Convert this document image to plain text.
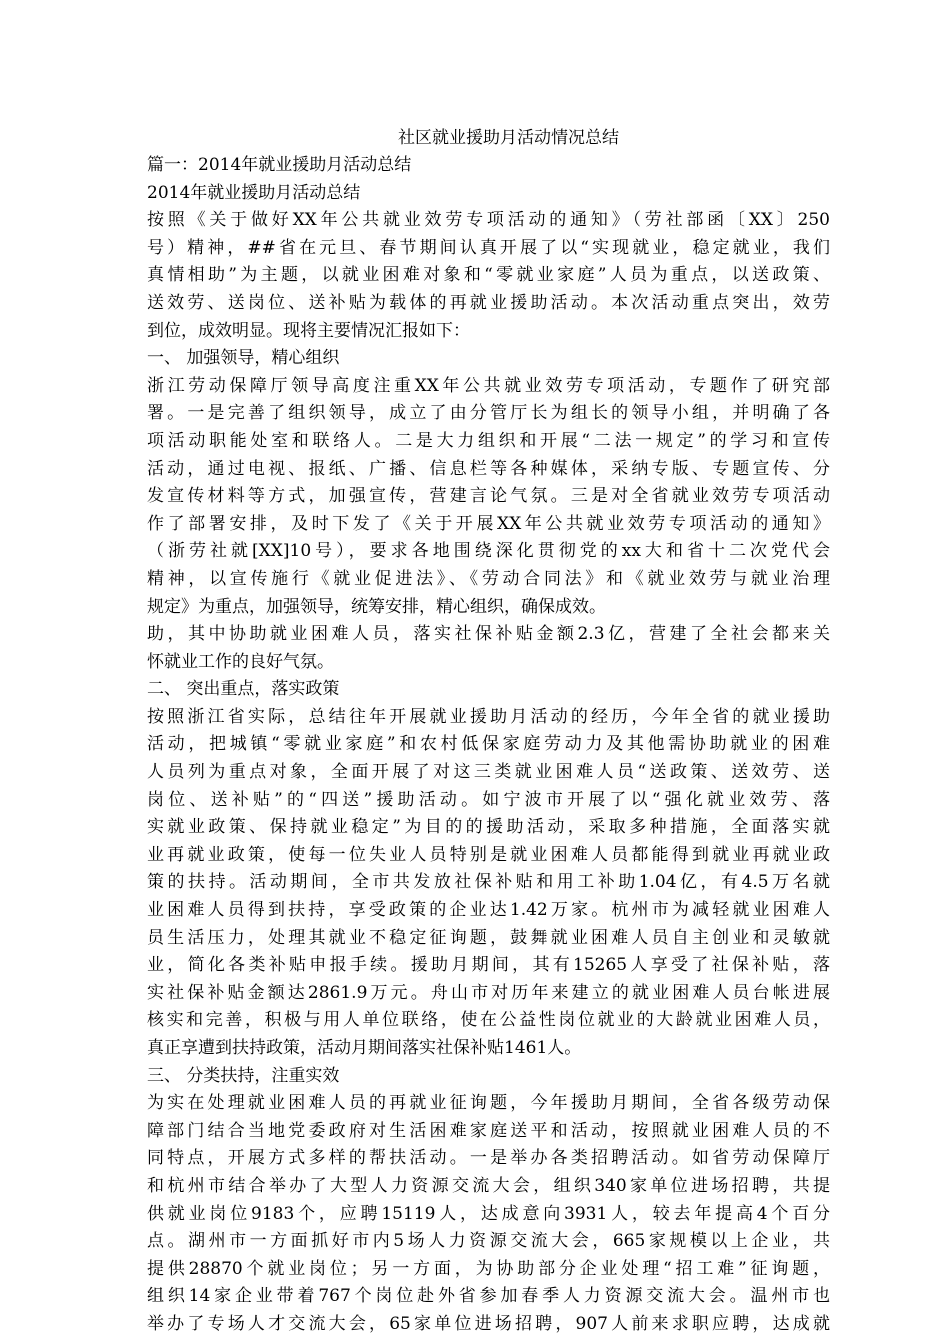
社区就业援助月活动情况总结
篇一：2014年就业援助月活动总结
2014年就业援助月活动总结
按照《关于做好XX年公共就业效劳专项活动的通知》（劳社部函〔XX〕250
号）精神，##省在元旦、春节期间认真开展了以“实现就业，稳定就业，我们
真情相助”为主题，以就业困难对象和“零就业家庭”人员为重点，以送政策、
送效劳、送岗位、送补贴为载体的再就业援助活动。本次活动重点突出，效劳
到位，成效明显。现将主要情况汇报如下：
一、 加强领导，精心组织
浙江劳动保障厅领导高度注重XX年公共就业效劳专项活动，专题作了研究部
署。一是完善了组织领导，成立了由分管厅长为组长的领导小组，并明确了各
项活动职能处室和联络人。二是大力组织和开展“二法一规定”的学习和宣传
活动，通过电视、报纸、广播、信息栏等各种媒体，采纳专版、专题宣传、分
发宣传材料等方式，加强宣传，营建言论气氛。三是对全省就业效劳专项活动
作了部署安排，及时下发了《关于开展XX年公共就业效劳专项活动的通知》
（浙劳社就[XX]10号），要求各地围绕深化贯彻党的xx大和省十二次党代会
精神，以宣传施行《就业促进法》、《劳动合同法》和《就业效劳与就业治理
规定》为重点，加强领导，统筹安排，精心组织，确保成效。
助，其中协助就业困难人员，落实社保补贴金额2.3亿，营建了全社会都来关
怀就业工作的良好气氛。
二、 突出重点，落实政策
按照浙江省实际，总结往年开展就业援助月活动的经历，今年全省的就业援助
活动，把城镇“零就业家庭”和农村低保家庭劳动力及其他需协助就业的困难
人员列为重点对象，全面开展了对这三类就业困难人员“送政策、送效劳、送
岗位、送补贴”的“四送”援助活动。如宁波市开展了以“强化就业效劳、落
实就业政策、保持就业稳定”为目的的援助活动，采取多种措施，全面落实就
业再就业政策，使每一位失业人员特别是就业困难人员都能得到就业再就业政
策的扶持。活动期间，全市共发放社保补贴和用工补助1.04亿，有4.5万名就
业困难人员得到扶持，享受政策的企业达1.42万家。杭州市为减轻就业困难人
员生活压力，处理其就业不稳定征询题，鼓舞就业困难人员自主创业和灵敏就
业，简化各类补贴申报手续。援助月期间，其有15265人享受了社保补贴，落
实社保补贴金额达2861.9万元。舟山市对历年来建立的就业困难人员台帐进展
核实和完善，积极与用人单位联络，使在公益性岗位就业的大龄就业困难人员，
真正享遭到扶持政策，活动月期间落实社保补贴1461人。
三、 分类扶持，注重实效
为实在处理就业困难人员的再就业征询题，今年援助月期间，全省各级劳动保
障部门结合当地党委政府对生活困难家庭送平和活动，按照就业困难人员的不
同特点，开展方式多样的帮扶活动。一是举办各类招聘活动。如省劳动保障厅
和杭州市结合举办了大型人力资源交流大会，组织340家单位进场招聘，共提
供就业岗位9183个，应聘15119人，达成意向3931人，较去年提高4个百分
点。湖州市一方面抓好市内5场人力资源交流大会，665家规模以上企业，共
提供28870个就业岗位；另一方面，为协助部分企业处理“招工难”征询题，
组织14家企业带着767个岗位赴外省参加春季人力资源交流大会。温州市也
举办了专场人才交流大会，65家单位进场招聘，907人前来求职应聘，达成就
